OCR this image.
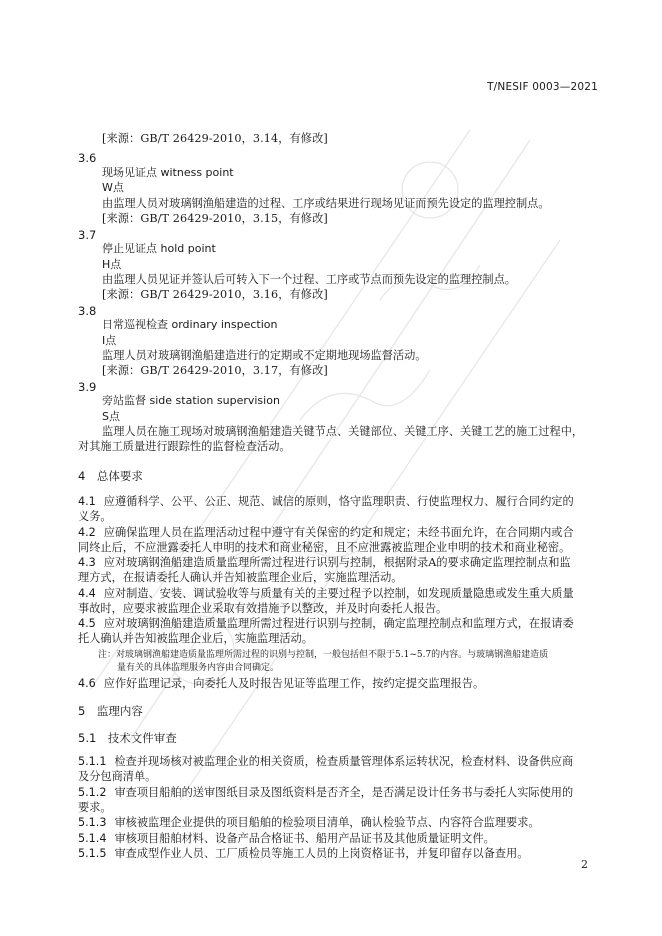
T/NESIF 0003—2021
[来源：GB/T 26429-2010，3.14，有修改]
3.6
现场见证点 witness point
W点
由监理人员对玻璃钢渔船建造的过程、工序或结果进行现场见证而预先设定的监理控制点。
[来源：GB/T 26429-2010，3.15，有修改]
3.7
停止见证点 hold point
H点
由监理人员见证并签认后可转入下一个过程、工序或节点而预先设定的监理控制点。
[来源：GB/T 26429-2010，3.16，有修改]
3.8
日常巡视检查 ordinary inspection
I点
监理人员对玻璃钢渔船建造进行的定期或不定期地现场监督活动。
[来源：GB/T 26429-2010，3.17，有修改]
3.9
旁站监督 side station supervision
S点
监理人员在施工现场对玻璃钢渔船建造关键节点、关键部位、关键工序、关键工艺的施工过程中，
对其施工质量进行跟踪性的监督检查活动。
4　总体要求
4.1 应遵循科学、公平、公正、规范、诚信的原则，恪守监理职责、行使监理权力、履行合同约定的
义务。
4.2 应确保监理人员在监理活动过程中遵守有关保密的约定和规定；未经书面允许，在合同期内或合
同终止后，不应泄露委托人申明的技术和商业秘密，且不应泄露被监理企业申明的技术和商业秘密。
4.3 应对玻璃钢渔船建造质量监理所需过程进行识别与控制，根据附录A的要求确定监理控制点和监
理方式，在报请委托人确认并告知被监理企业后，实施监理活动。
4.4 应对制造、安装、调试验收等与质量有关的主要过程予以控制，如发现质量隐患或发生重大质量
事故时，应要求被监理企业采取有效措施予以整改，并及时向委托人报告。
4.5 应对玻璃钢渔船建造质量监理所需过程进行识别与控制，确定监理控制点和监理方式，在报请委
托人确认并告知被监理企业后，实施监理活动。
注：对玻璃钢渔船建造质量监理所需过程的识别与控制，一般包括但不限于5.1~5.7的内容。与玻璃钢渔船建造质
量有关的具体监理服务内容由合同确定。
4.6 应作好监理记录，向委托人及时报告见证等监理工作，按约定提交监理报告。
5　监理内容
5.1　技术文件审查
5.1.1 检查并现场核对被监理企业的相关资质，检查质量管理体系运转状况，检查材料、设备供应商
及分包商清单。
5.1.2 审查项目船舶的送审图纸目录及图纸资料是否齐全，是否满足设计任务书与委托人实际使用的
要求。
5.1.3 审核被监理企业提供的项目船舶的检验项目清单，确认检验节点、内容符合监理要求。
5.1.4 审核项目船舶材料、设备产品合格证书、船用产品证书及其他质量证明文件。
5.1.5 审查成型作业人员、工厂质检员等施工人员的上岗资格证书，并复印留存以备查用。
2
